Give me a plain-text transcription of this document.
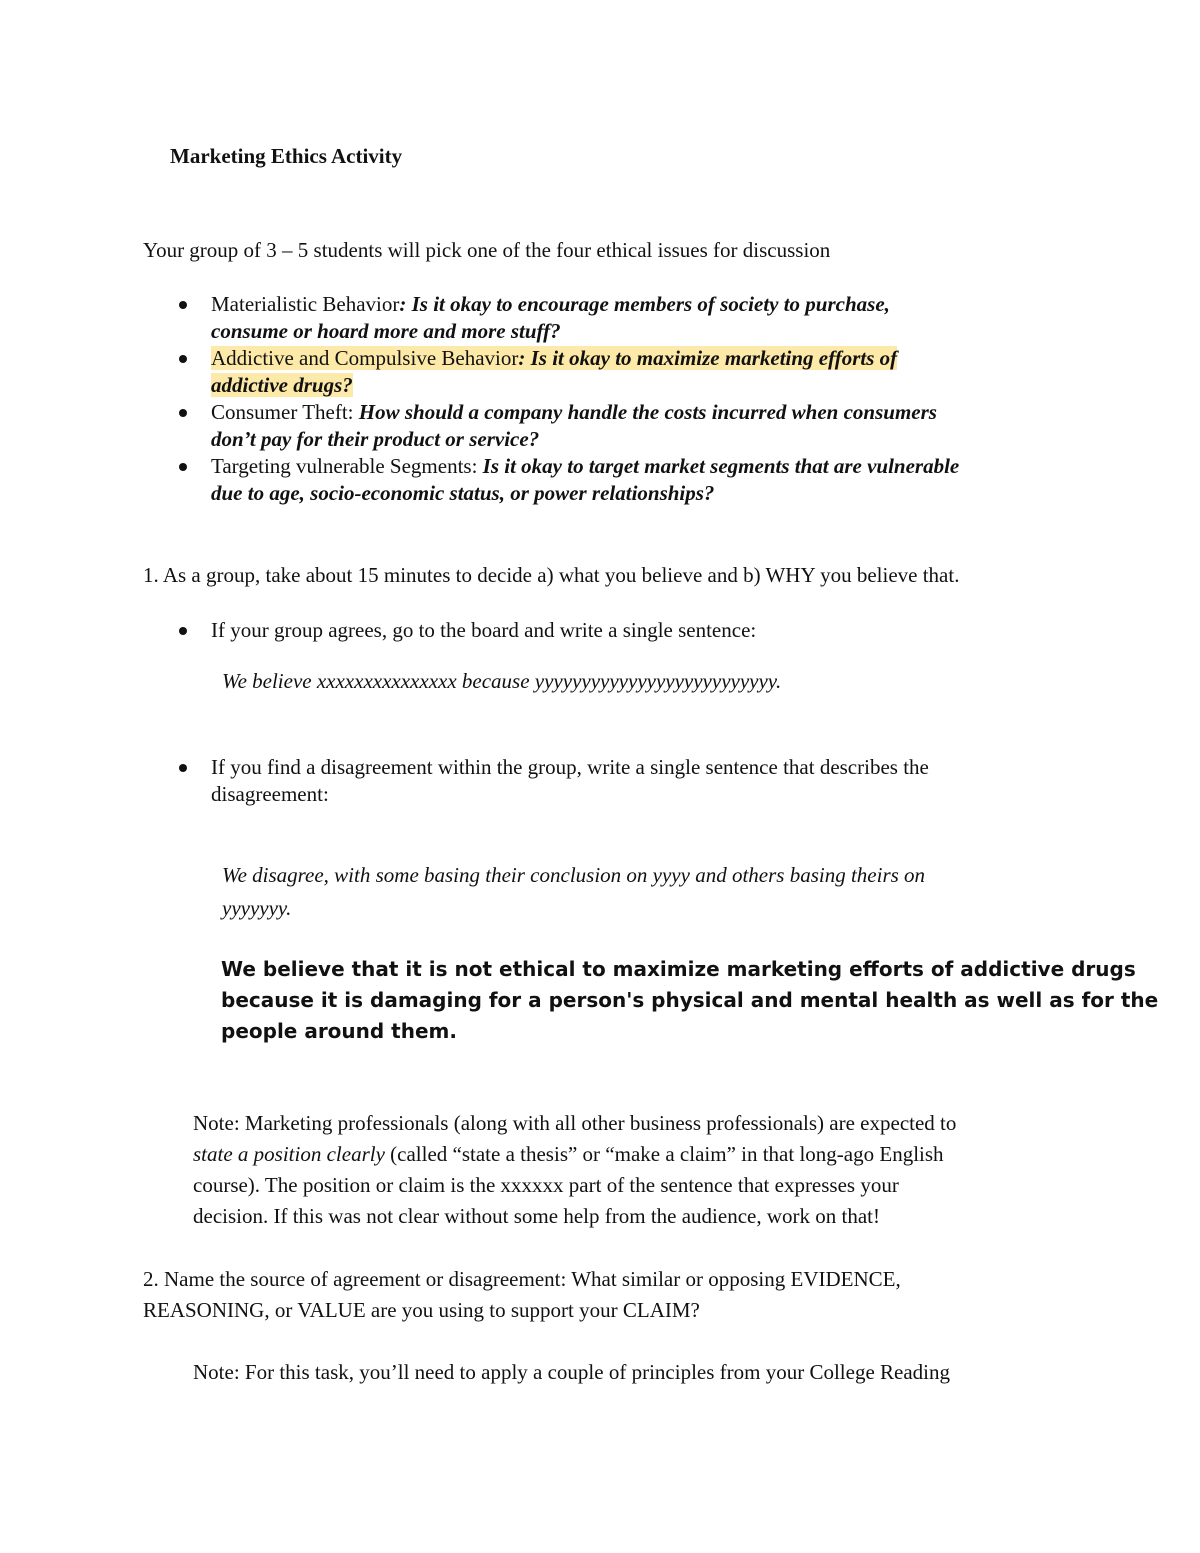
Marketing Ethics Activity
Your group of 3 – 5 students will pick one of the four ethical issues for discussion
Materialistic Behavior: Is it okay to encourage members of society to purchase,
consume or hoard more and more stuff?
Addictive and Compulsive Behavior: Is it okay to maximize marketing efforts of
addictive drugs?
Consumer Theft: How should a company handle the costs incurred when consumers
don’t pay for their product or service?
Targeting vulnerable Segments: Is it okay to target market segments that are vulnerable
due to age, socio-economic status, or power relationships?
1. As a group, take about 15 minutes to decide a) what you believe and b) WHY you believe that.
If your group agrees, go to the board and write a single sentence:
We believe xxxxxxxxxxxxxxx because yyyyyyyyyyyyyyyyyyyyyyyyyy.
If you find a disagreement within the group, write a single sentence that describes the
disagreement:
We disagree, with some basing their conclusion on yyyy and others basing theirs on
yyyyyyy.
We believe that it is not ethical to maximize marketing efforts of addictive drugs
because it is damaging for a person's physical and mental health as well as for the
people around them.
Note: Marketing professionals (along with all other business professionals) are expected to
state a position clearly (called “state a thesis” or “make a claim” in that long-ago English
course). The position or claim is the xxxxxx part of the sentence that expresses your
decision. If this was not clear without some help from the audience, work on that!
2. Name the source of agreement or disagreement: What similar or opposing EVIDENCE,
REASONING, or VALUE are you using to support your CLAIM?
Note: For this task, you’ll need to apply a couple of principles from your College Reading
